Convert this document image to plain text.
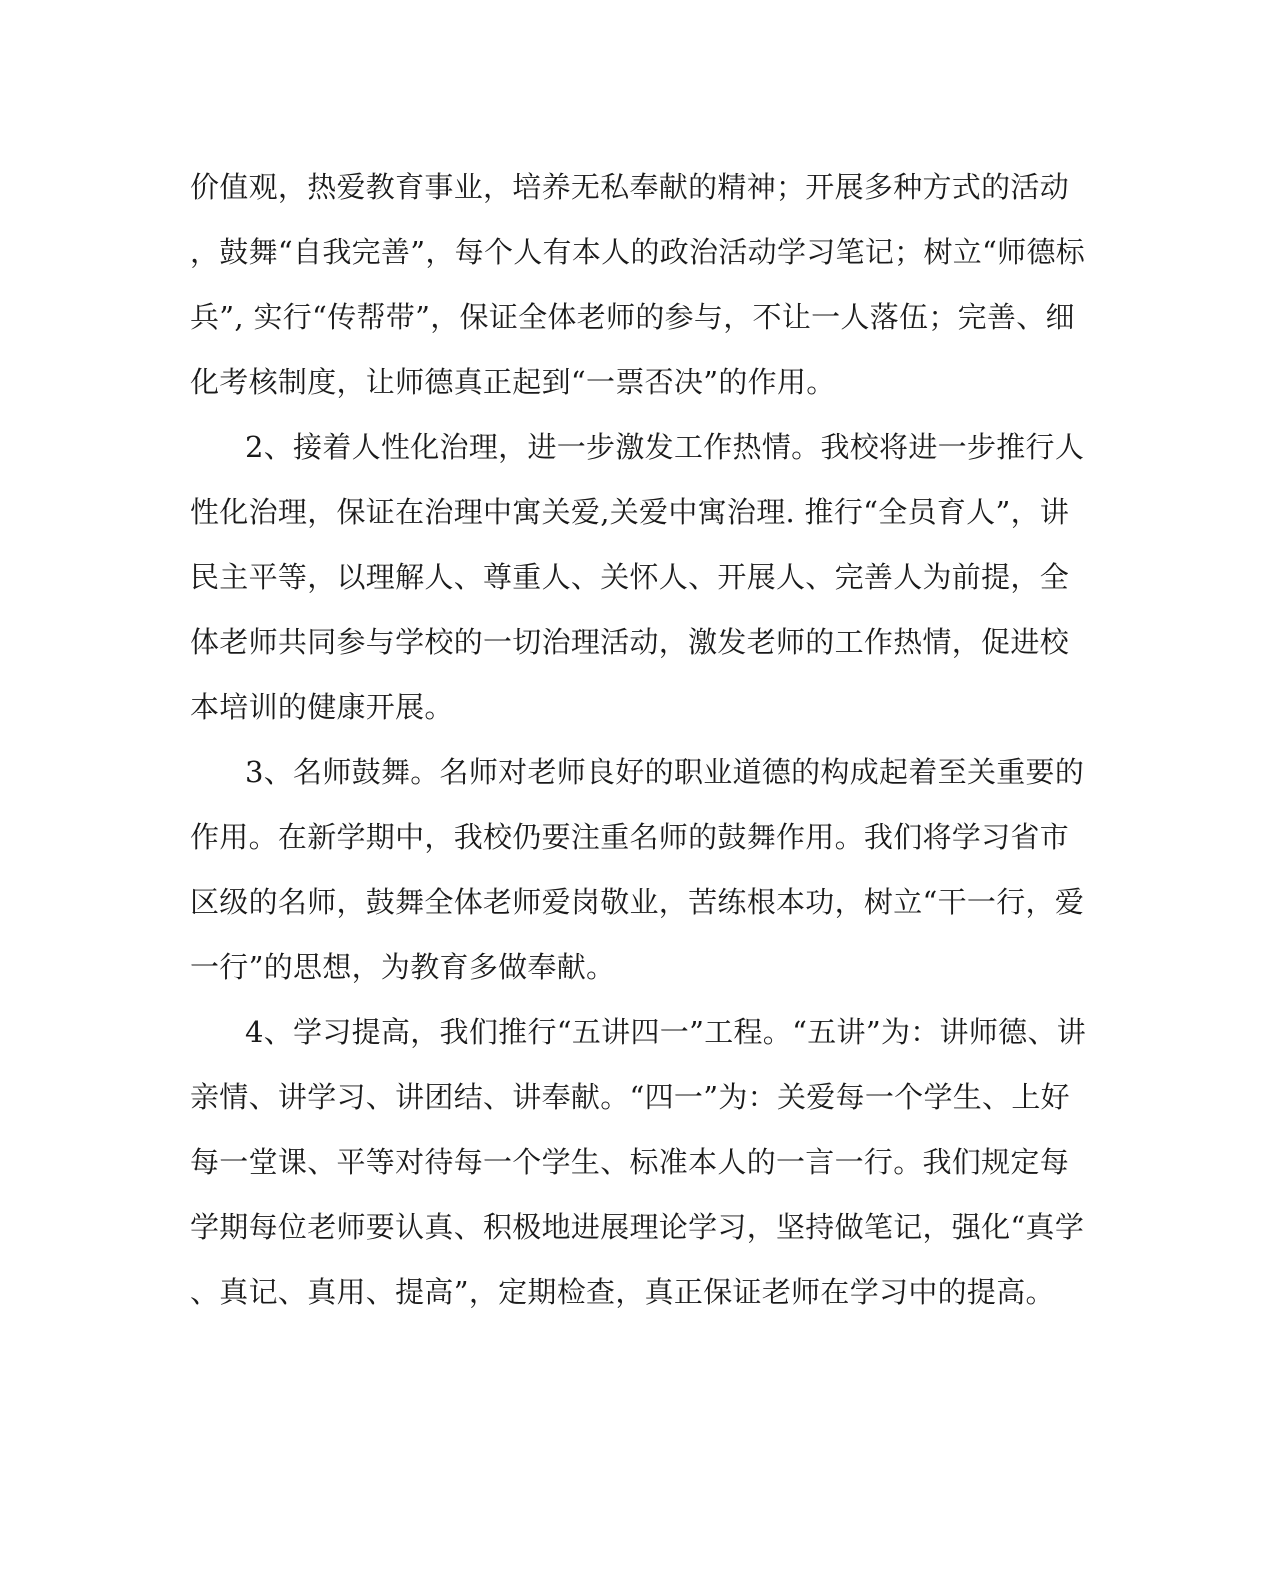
价值观，热爱教育事业，培养无私奉献的精神；开展多种方式的活动
，鼓舞“自我完善”，每个人有本人的政治活动学习笔记；树立“师德标
兵”, 实行“传帮带”，保证全体老师的参与，不让一人落伍；完善、细
化考核制度，让师德真正起到“一票否决”的作用。
2、接着人性化治理，进一步激发工作热情。我校将进一步推行人
性化治理，保证在治理中寓关爱,关爱中寓治理. 推行“全员育人”，讲
民主平等，以理解人、尊重人、关怀人、开展人、完善人为前提，全
体老师共同参与学校的一切治理活动，激发老师的工作热情，促进校
本培训的健康开展。
3、名师鼓舞。名师对老师良好的职业道德的构成起着至关重要的
作用。在新学期中，我校仍要注重名师的鼓舞作用。我们将学习省市
区级的名师，鼓舞全体老师爱岗敬业，苦练根本功，树立“干一行，爱
一行”的思想，为教育多做奉献。
4、学习提高，我们推行“五讲四一”工程。“五讲”为：讲师德、讲
亲情、讲学习、讲团结、讲奉献。“四一”为：关爱每一个学生、上好
每一堂课、平等对待每一个学生、标准本人的一言一行。我们规定每
学期每位老师要认真、积极地进展理论学习，坚持做笔记，强化“真学
、真记、真用、提高”，定期检查，真正保证老师在学习中的提高。
